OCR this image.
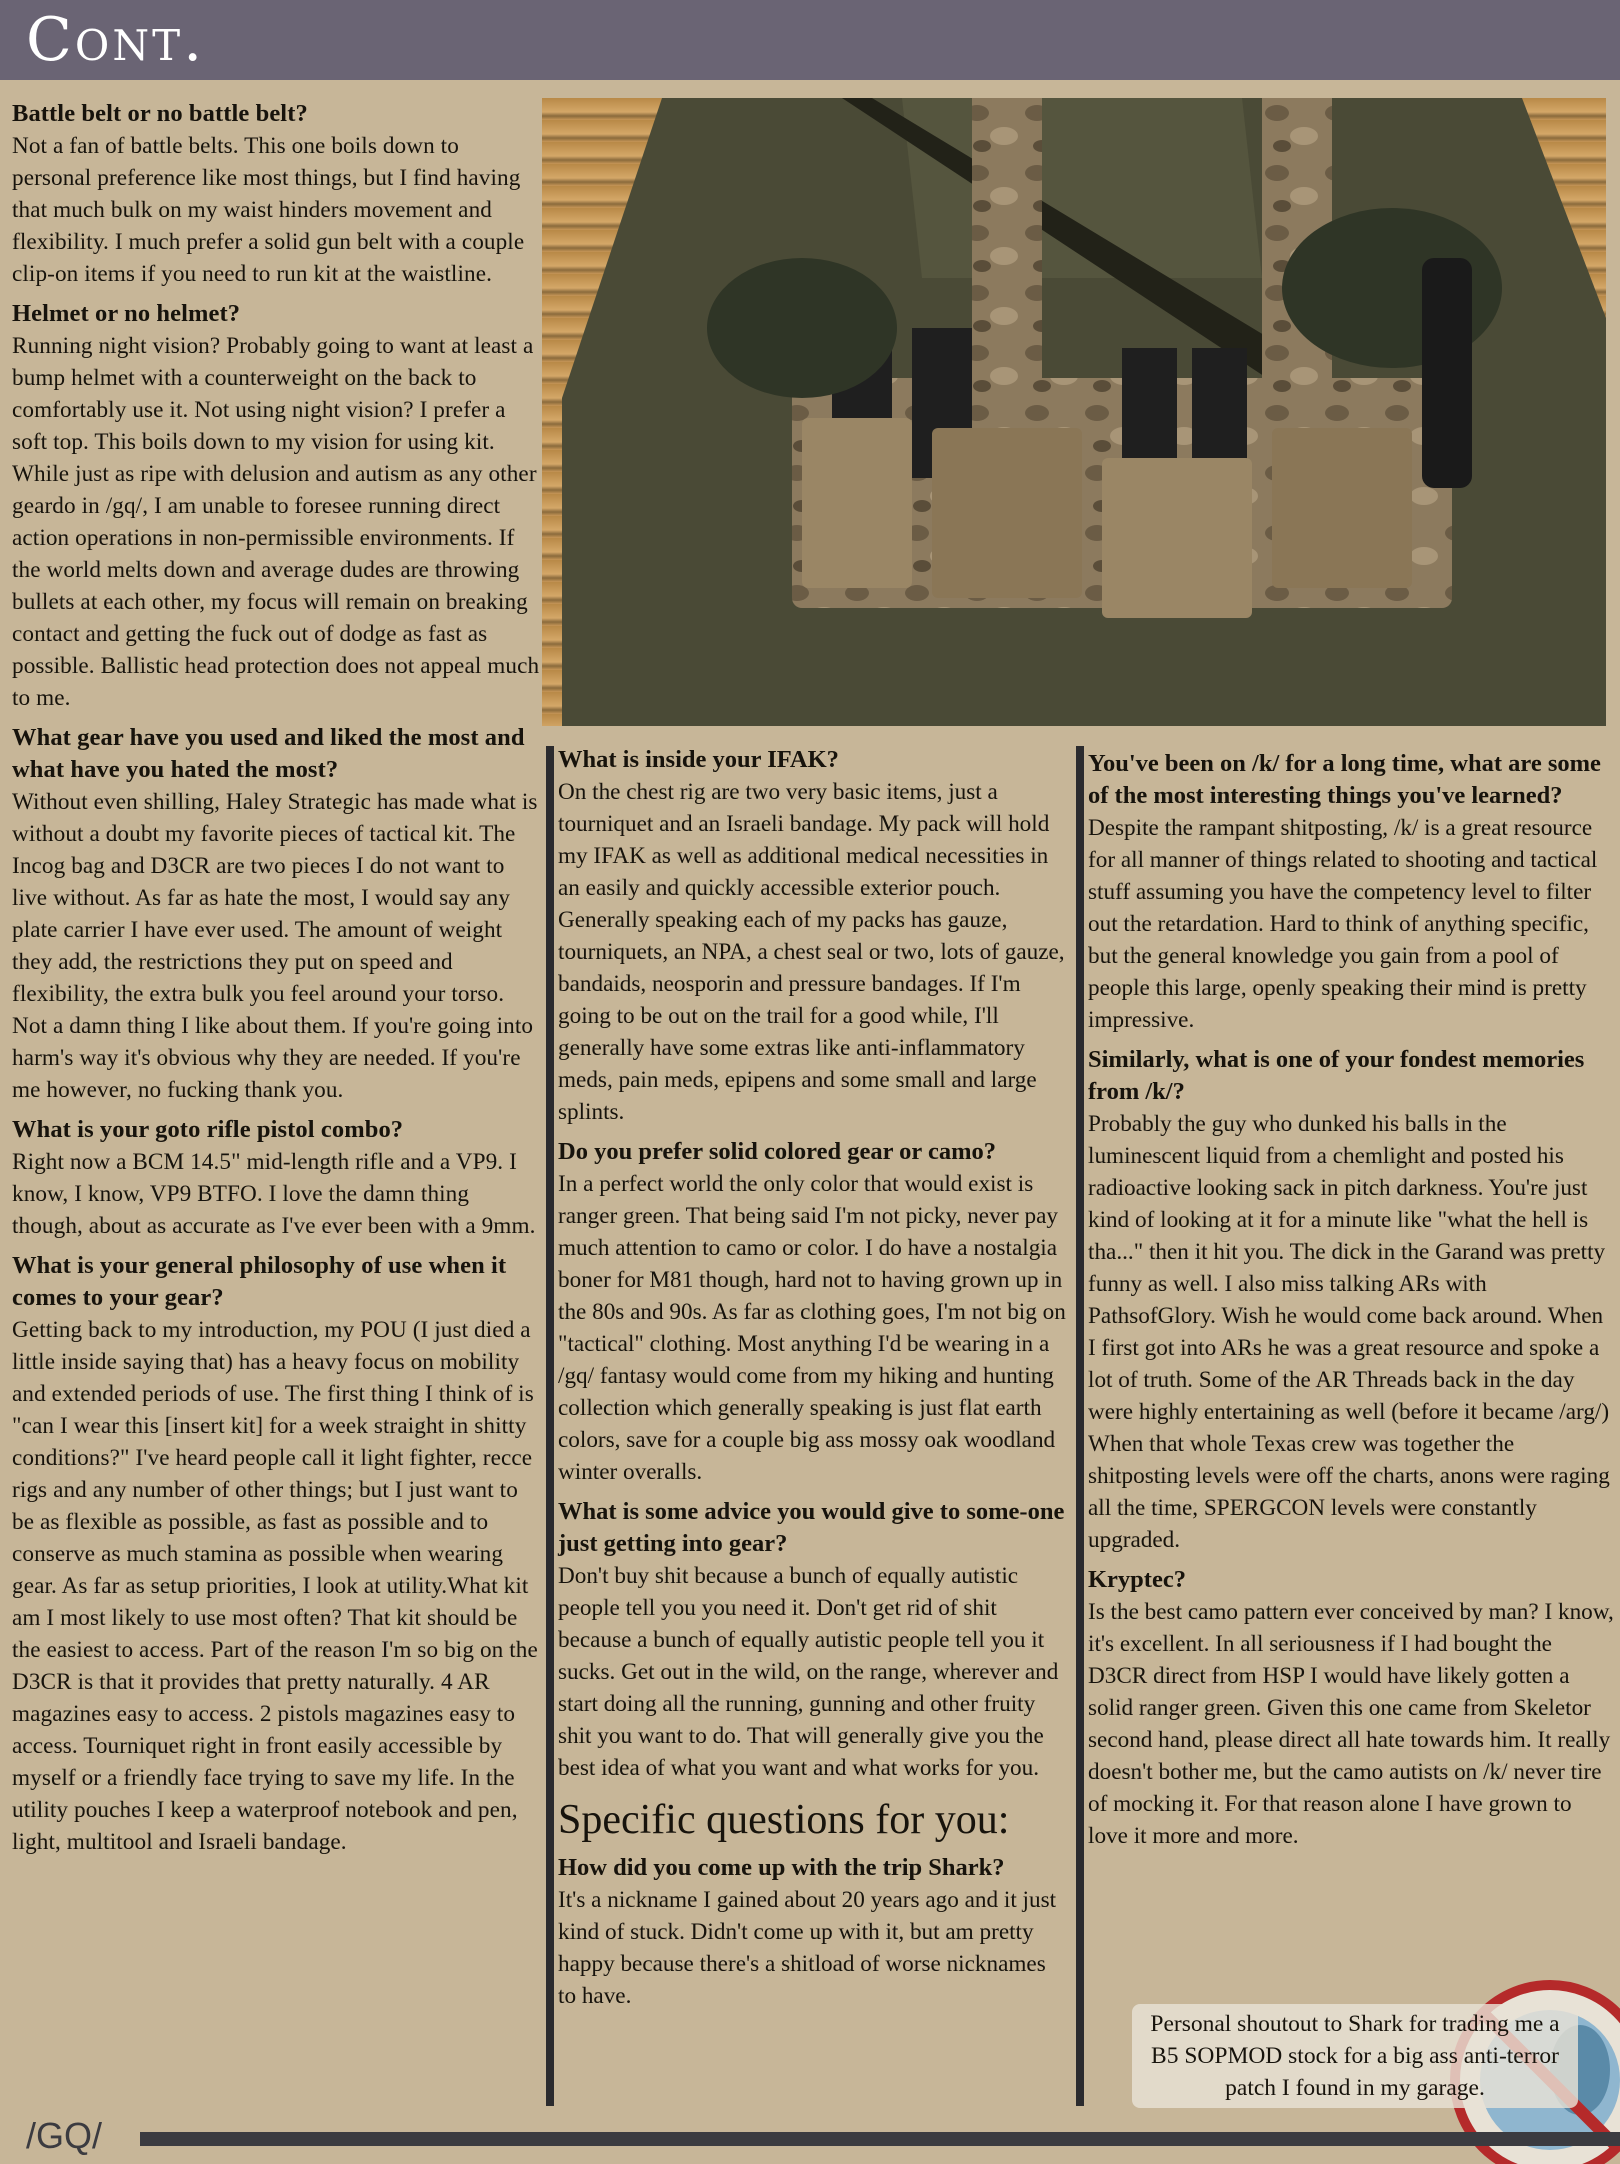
Cont.
Battle belt or no battle belt?

Not a fan of battle belts. This one boils down to personal preference like most things, but I find having that much bulk on my waist hinders movement and flexibility. I much prefer a solid gun belt with a couple clip-on items if you need to run kit at the waistline.

Helmet or no helmet?

Running night vision? Probably going to want at least a bump helmet with a counterweight on the back to comfortably use it. Not using night vision? I prefer a soft top. This boils down to my vision for using kit. While just as ripe with delusion and autism as any other geardo in /gq/, I am unable to foresee running direct action operations in non-permissible environments. If the world melts down and average dudes are throwing bullets at each other, my focus will remain on breaking contact and getting the fuck out of dodge as fast as possible. Ballistic head protection does not appeal much to me.

What gear have you used and liked the most and what have you hated the most?

Without even shilling, Haley Strategic has made what is without a doubt my favorite pieces of tactical kit. The Incog bag and D3CR are two pieces I do not want to live without. As far as hate the most, I would say any plate carrier I have ever used. The amount of weight they add, the restrictions they put on speed and flexibility, the extra bulk you feel around your torso. Not a damn thing I like about them. If you're going into harm's way it's obvious why they are needed. If you're me however, no fucking thank you.

What is your goto rifle pistol combo?

Right now a BCM 14.5" mid-length rifle and a VP9. I know, I know, VP9 BTFO. I love the damn thing though, about as accurate as I've ever been with a 9mm.

What is your general philosophy of use when it comes to your gear?

Getting back to my introduction, my POU (I just died a little inside saying that) has a heavy focus on mobility and extended periods of use. The first thing I think of is "can I wear this [insert kit] for a week straight in shitty conditions?" I've heard people call it light fighter, recce rigs and any number of other things; but I just want to be as flexible as possible, as fast as possible and to conserve as much stamina as possible when wearing gear. As far as setup priorities, I look at utility.What kit am I most likely to use most often? That kit should be the easiest to access. Part of the reason I'm so big on the D3CR is that it provides that pretty naturally. 4 AR magazines easy to access. 2 pistols magazines easy to access. Tourniquet right in front easily accessible by myself or a friendly face trying to save my life. In the utility pouches I keep a waterproof notebook and pen, light, multitool and Israeli bandage.

What is inside your IFAK?

On the chest rig are two very basic items, just a tourniquet and an Israeli bandage. My pack will hold my IFAK as well as additional medical necessities in an easily and quickly accessible exterior pouch. Generally speaking each of my packs has gauze, tourniquets, an NPA, a chest seal or two, lots of gauze, bandaids, neosporin and pressure bandages. If I'm going to be out on the trail for a good while, I'll generally have some extras like anti-inflammatory meds, pain meds, epipens and some small and large splints.

Do you prefer solid colored gear or camo?

In a perfect world the only color that would exist is ranger green. That being said I'm not picky, never pay much attention to camo or color. I do have a nostalgia boner for M81 though, hard not to having grown up in the 80s and 90s. As far as clothing goes, I'm not big on "tactical" clothing. Most anything I'd be wearing in a /gq/ fantasy would come from my hiking and hunting collection which generally speaking is just flat earth colors, save for a couple big ass mossy oak woodland winter overalls.

What is some advice you would give to some-one just getting into gear?

Don't buy shit because a bunch of equally autistic people tell you you need it. Don't get rid of shit because a bunch of equally autistic people tell you it sucks. Get out in the wild, on the range, wherever and start doing all the running, gunning and other fruity shit you want to do. That will generally give you the best idea of what you want and what works for you.

Specific questions for you:
How did you come up with the trip Shark?

It's a nickname I gained about 20 years ago and it just kind of stuck. Didn't come up with it, but am pretty happy because there's a shitload of worse nicknames to have.

You've been on /k/ for a long time, what are some of the most interesting things you've learned?

Despite the rampant shitposting, /k/ is a great resource for all manner of things related to shooting and tactical stuff assuming you have the competency level to filter out the retardation. Hard to think of anything specific, but the general knowledge you gain from a pool of people this large, openly speaking their mind is pretty impressive.

Similarly, what is one of your fondest memories from /k/?

Probably the guy who dunked his balls in the luminescent liquid from a chemlight and posted his radioactive looking sack in pitch darkness. You're just kind of looking at it for a minute like "what the hell is tha..." then it hit you. The dick in the Garand was pretty funny as well. I also miss talking ARs with PathsofGlory. Wish he would come back around. When I first got into ARs he was a great resource and spoke a lot of truth. Some of the AR Threads back in the day were highly entertaining as well (before it became /arg/) When that whole Texas crew was together the shitposting levels were off the charts, anons were raging all the time, SPERGCON levels were constantly upgraded.

Kryptec?

Is the best camo pattern ever conceived by man? I know, it's excellent. In all seriousness if I had bought the D3CR direct from HSP I would have likely gotten a solid ranger green. Given this one came from Skeletor second hand, please direct all hate towards him. It really doesn't bother me, but the camo autists on /k/ never tire of mocking it. For that reason alone I have grown to love it more and more.

Personal shoutout to Shark for trading me a B5 SOPMOD stock for a big ass anti-terror patch I found in my garage.
/GQ/
